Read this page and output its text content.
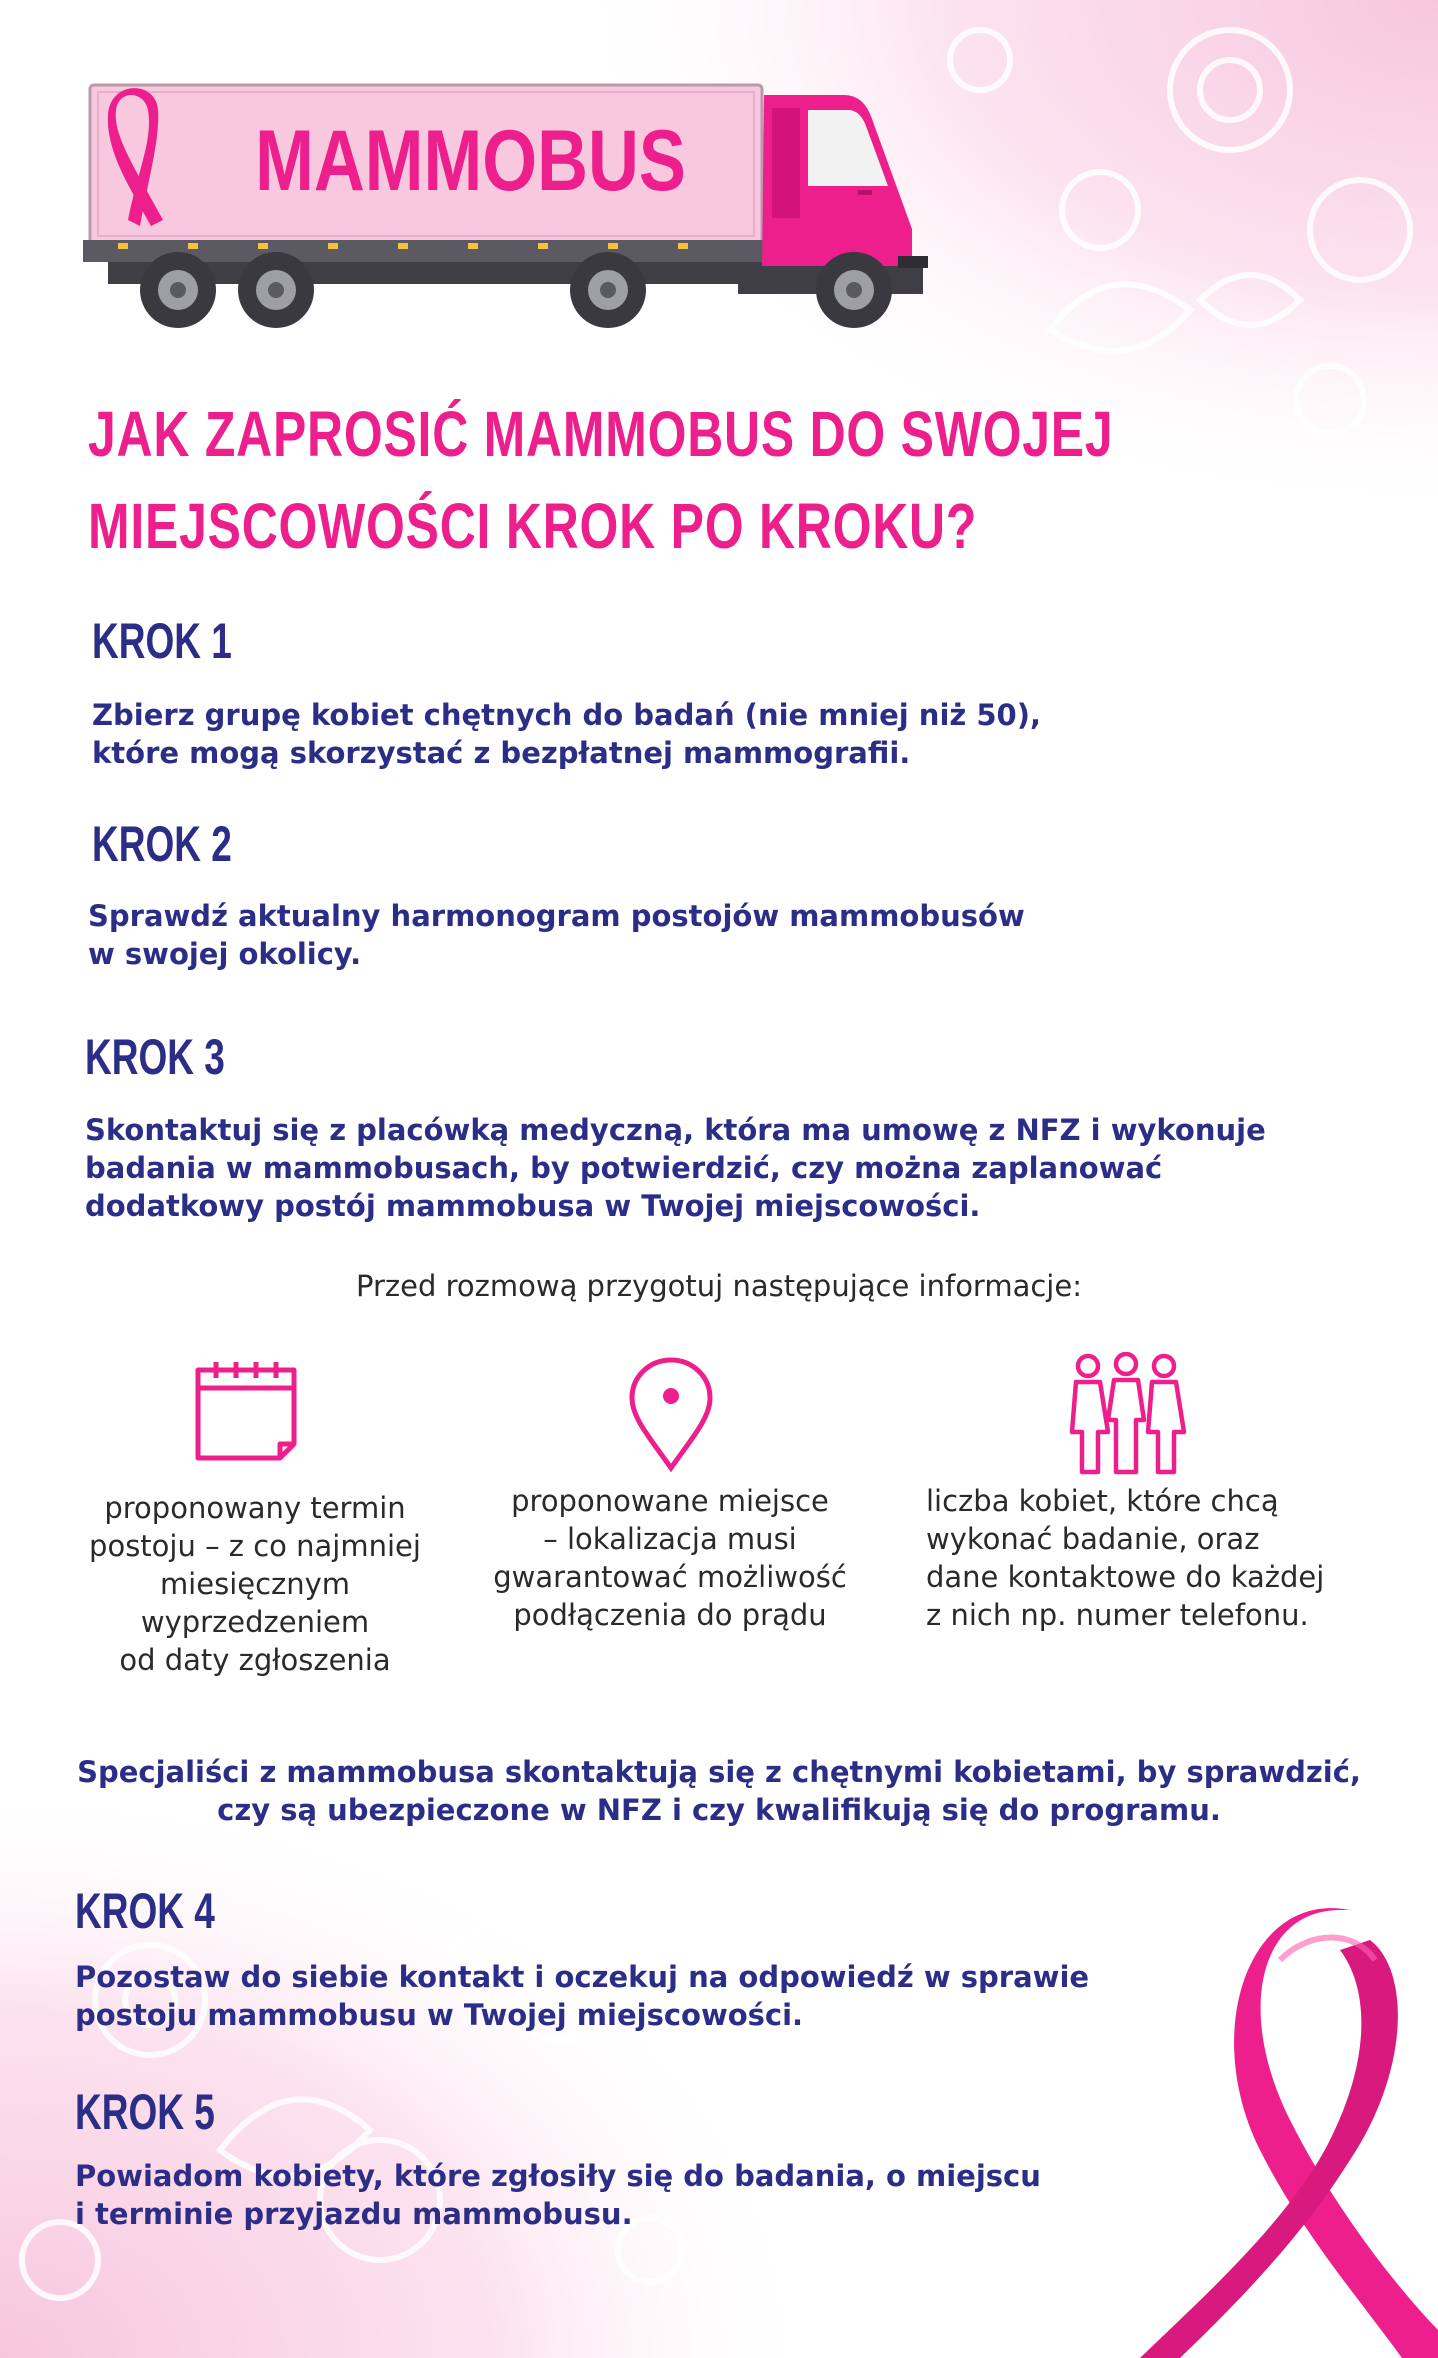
MAMMOBUS
JAK ZAPROSIĆ MAMMOBUS DO SWOJEJ
MIEJSCOWOŚCI KROK PO KROKU?
KROK 1

Zbierz grupę kobiet chętnych do badań (nie mniej niż 50),
które mogą skorzystać z bezpłatnej mammografii.

KROK 2

Sprawdź aktualny harmonogram postojów mammobusów
w swojej okolicy.

KROK 3

Skontaktuj się z placówką medyczną, która ma umowę z NFZ i wykonuje
badania w mammobusach, by potwierdzić, czy można zaplanować
dodatkowy postój mammobusa w Twojej miejscowości.

Przed rozmową przygotuj następujące informacje:

proponowany termin
postoju – z co najmniej
miesięcznym
wyprzedzeniem
od daty zgłoszenia

proponowane miejsce
– lokalizacja musi
gwarantować możliwość
podłączenia do prądu

liczba kobiet, które chcą
wykonać badanie, oraz
dane kontaktowe do każdej
z nich np. numer telefonu.

Specjaliści z mammobusa skontaktują się z chętnymi kobietami, by sprawdzić,
czy są ubezpieczone w NFZ i czy kwalifikują się do programu.

KROK 4

Pozostaw do siebie kontakt i oczekuj na odpowiedź w sprawie
postoju mammobusu w Twojej miejscowości.

KROK 5

Powiadom kobiety, które zgłosiły się do badania, o miejscu
i terminie przyjazdu mammobusu.
